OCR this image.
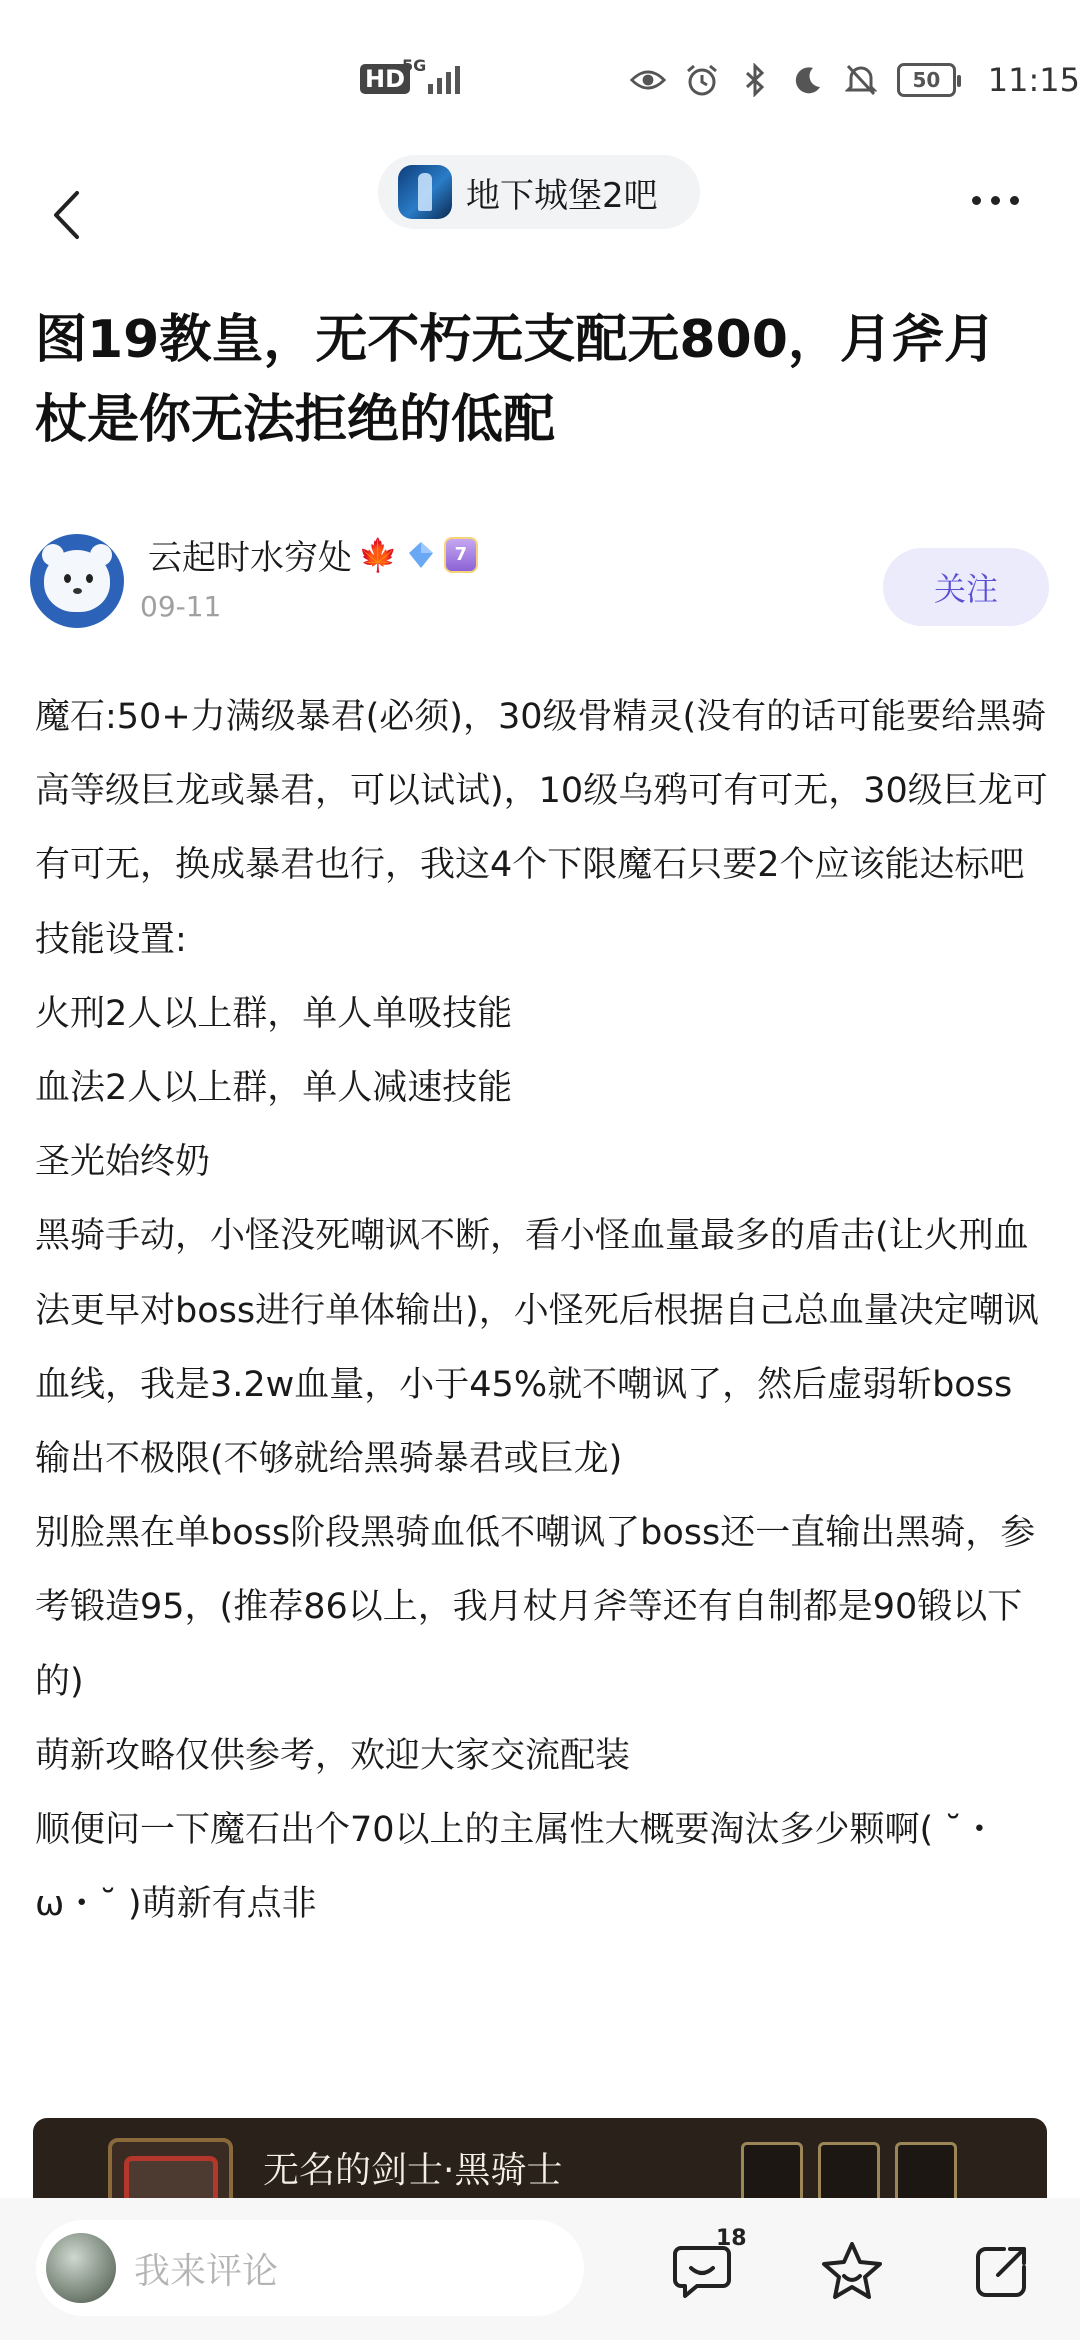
HD
5G
50	11:15
地下城堡2吧
图19教皇，无不朽无支配无800，月斧月杖是你无法拒绝的低配
云起时水穷处 🍁	7
09-11	关注

魔石:50+力满级暴君(必须)，30级骨精灵(没有的话可能要给黑骑高等级巨龙或暴君，可以试试)，10级乌鸦可有可无，30级巨龙可有可无，换成暴君也行，我这4个下限魔石只要2个应该能达标吧

技能设置:

火刑2人以上群，单人单吸技能

血法2人以上群，单人减速技能

圣光始终奶

黑骑手动，小怪没死嘲讽不断，看小怪血量最多的盾击(让火刑血法更早对boss进行单体输出)，小怪死后根据自己总血量决定嘲讽血线，我是3.2w血量，小于45%就不嘲讽了，然后虚弱斩boss

输出不极限(不够就给黑骑暴君或巨龙)

别脸黑在单boss阶段黑骑血低不嘲讽了boss还一直输出黑骑，参考锻造95，(推荐86以上，我月杖月斧等还有自制都是90锻以下的)

萌新攻略仅供参考，欢迎大家交流配装

顺便问一下魔石出个70以上的主属性大概要淘汰多少颗啊( ˘・ω・˘ )萌新有点非

无名的剑士·黑骑士
我来评论
18
